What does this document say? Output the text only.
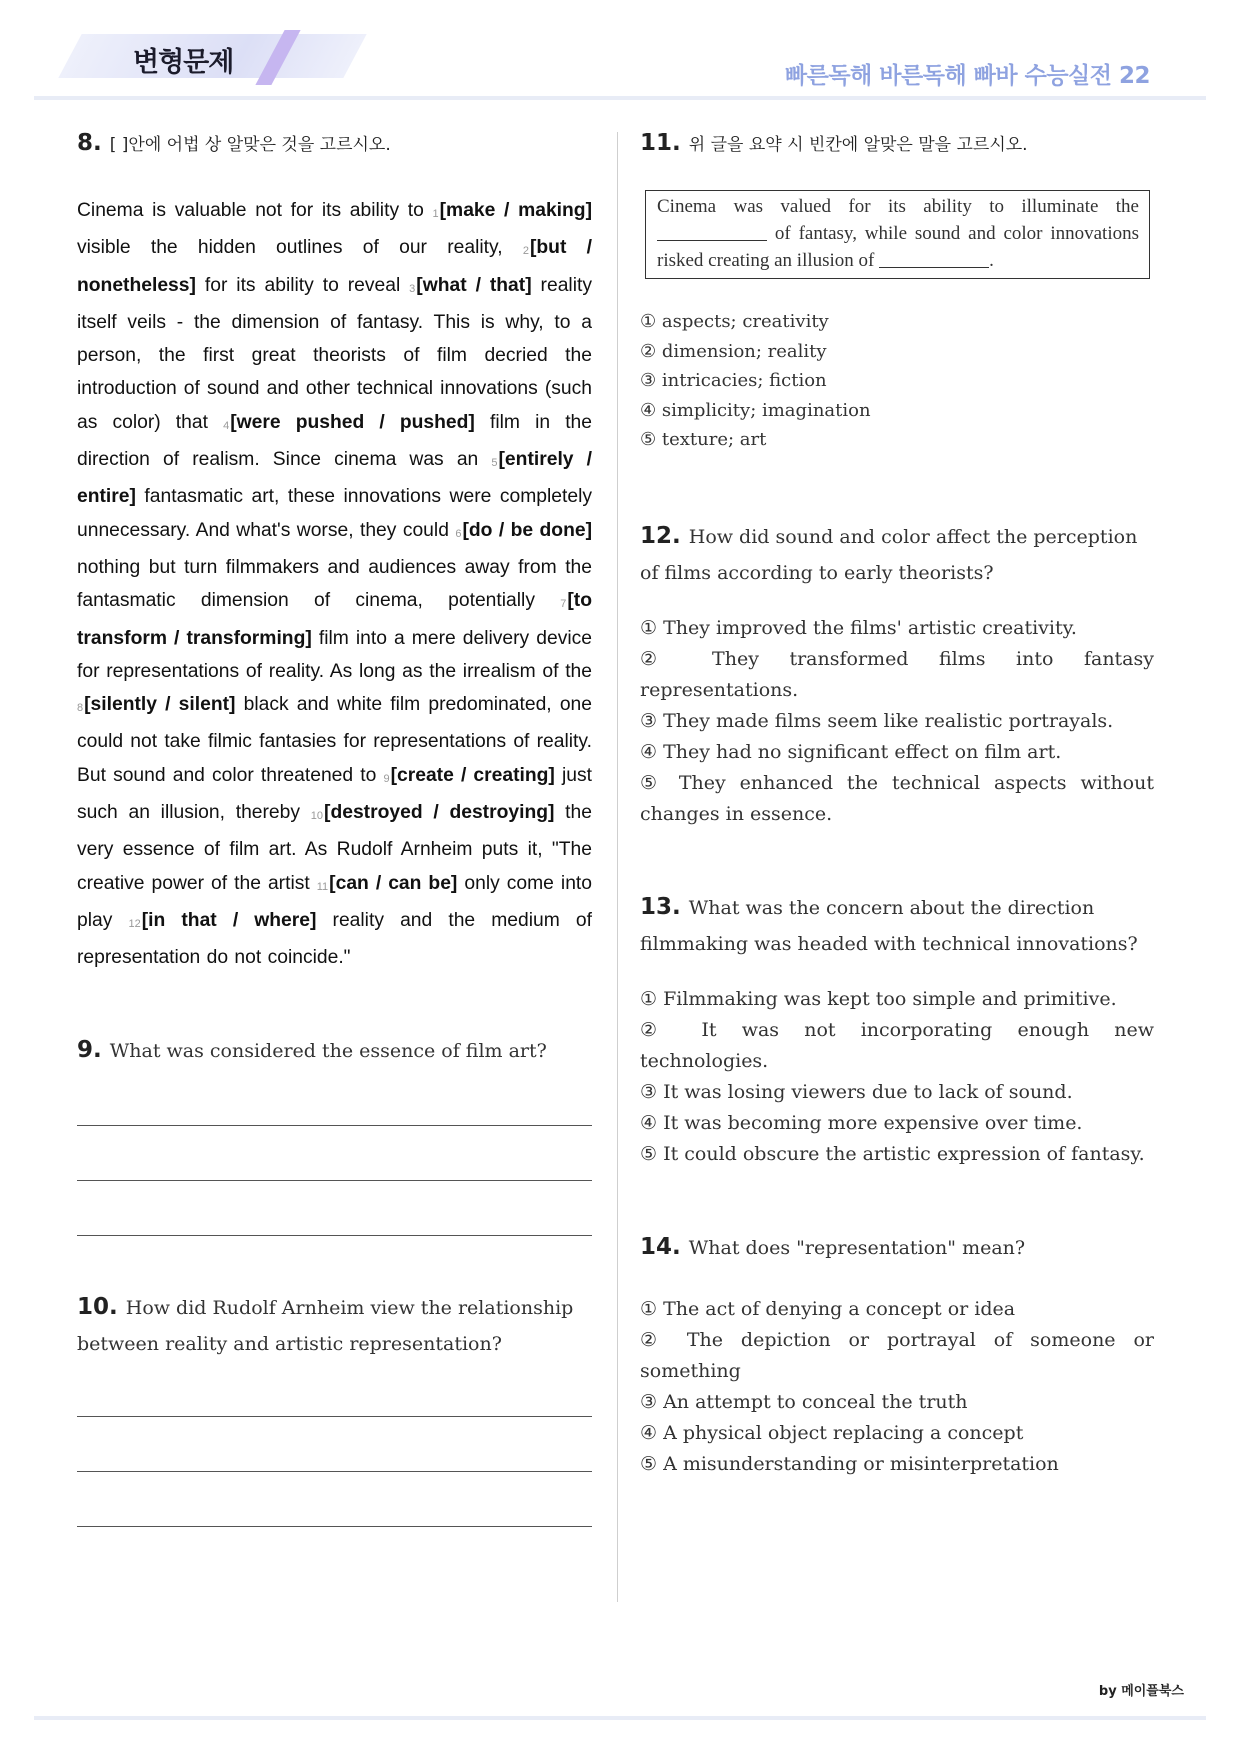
변형문제	빠른독해 바른독해 빠바 수능실전 22
8. [ ]안에 어법 상 알맞은 것을 고르시오.
Cinema is valuable not for its ability to $_1$[make / making] visible the hidden outlines of our reality, $_2$[but / nonetheless] for its ability to reveal $_3$[what / that] reality itself veils - the dimension of fantasy. This is why, to a person, the first great theorists of film decried the introduction of sound and other technical innovations (such as color) that $_4$[were pushed / pushed] film in the direction of realism. Since cinema was an $_5$[entirely / entire] fantasmatic art, these innovations were completely unnecessary. And what's worse, they could $_6$[do / be done] nothing but turn filmmakers and audiences away from the fantasmatic dimension of cinema, potentially $_7$[to transform / transforming] film into a mere delivery device for representations of reality. As long as the irrealism of the $_8$[silently / silent] black and white film predominated, one could not take filmic fantasies for representations of reality. But sound and color threatened to $_9$[create / creating] just such an illusion, thereby $_{10}$[destroyed / destroying] the very essence of film art. As Rudolf Arnheim puts it, "The creative power of the artist $_{11}$[can / can be] only come into play $_{12}$[in that / where] reality and the medium of representation do not coincide."
9. What was considered the essence of film art?
10. How did Rudolf Arnheim view the relationship between reality and artistic representation?
11. 위 글을 요약 시 빈칸에 알맞은 말을 고르시오.
Cinema was valued for its ability to illuminate the  of fantasy, while sound and color innovations risked creating an illusion of	.
① aspects; creativity
② dimension; reality
③ intricacies; fiction
④ simplicity; imagination
⑤ texture; art
12. How did sound and color affect the perception of films according to early theorists?
① They improved the films' artistic creativity.
② They transformed films into fantasy representations.
③ They made films seem like realistic portrayals.
④ They had no significant effect on film art.
⑤ They enhanced the technical aspects without changes in essence.
13. What was the concern about the direction filmmaking was headed with technical innovations?
① Filmmaking was kept too simple and primitive.
② It was not incorporating enough new technologies.
③ It was losing viewers due to lack of sound.
④ It was becoming more expensive over time.
⑤ It could obscure the artistic expression of fantasy.
14. What does "representation" mean?
① The act of denying a concept or idea
② The depiction or portrayal of someone or something
③ An attempt to conceal the truth
④ A physical object replacing a concept
⑤ A misunderstanding or misinterpretation
by 메이플북스
